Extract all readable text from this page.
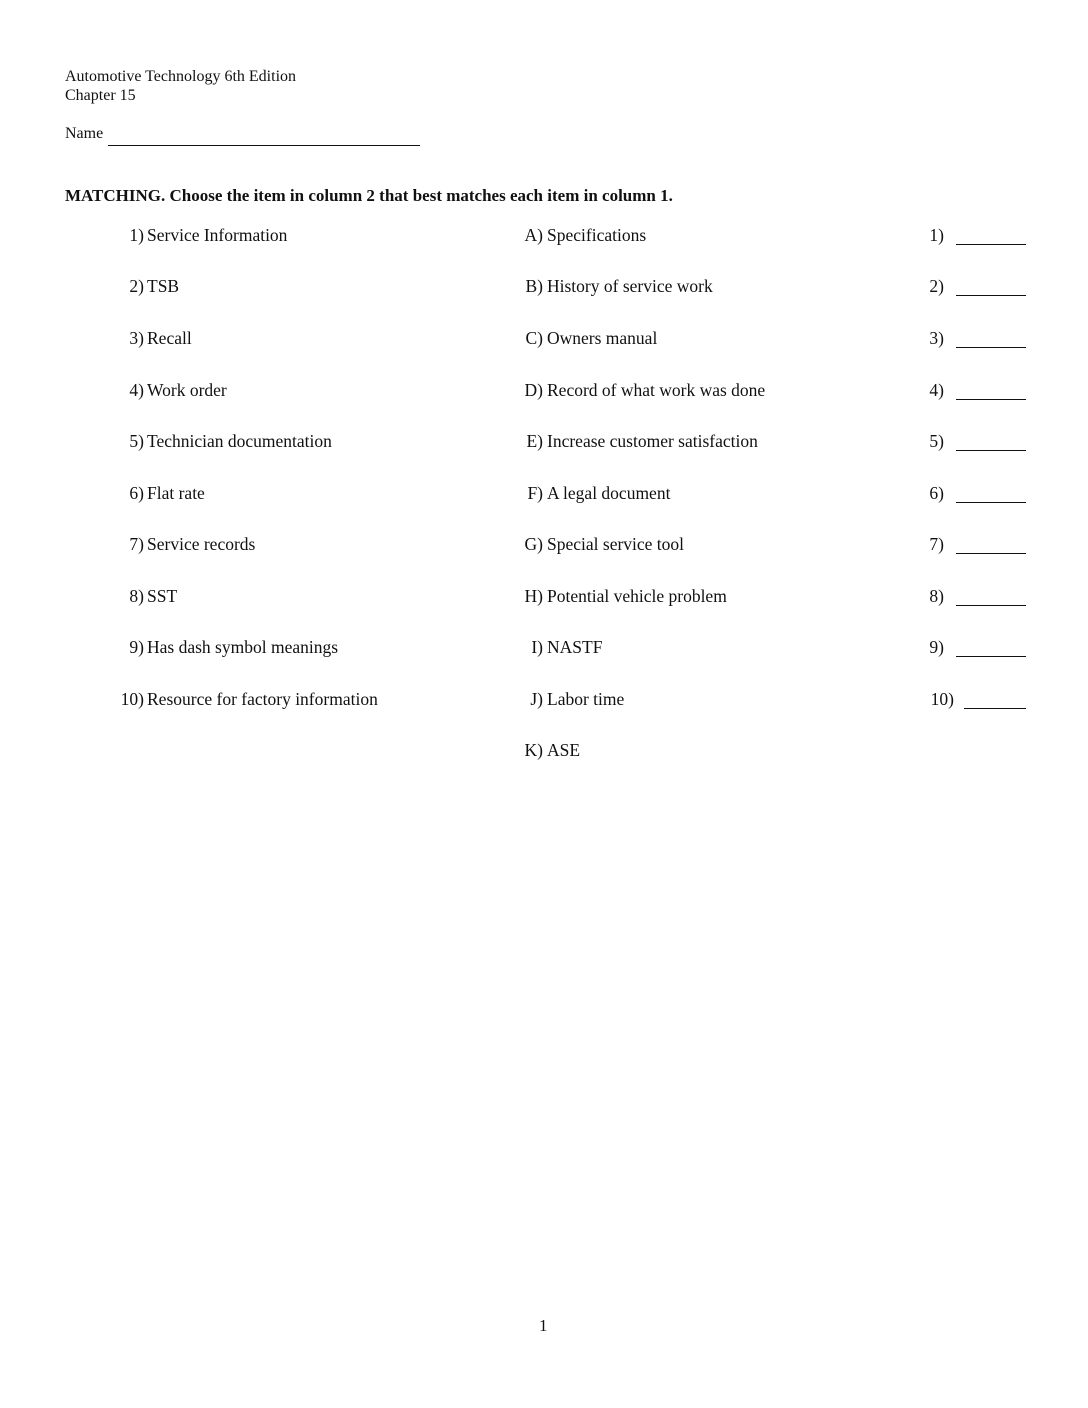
Automotive Technology 6th Edition
Chapter 15
Name
MATCHING. Choose the item in column 2 that best matches each item in column 1.
1) Service Information
2) TSB
3) Recall
4) Work order
5) Technician documentation
6) Flat rate
7) Service records
8) SST
9) Has dash symbol meanings
10) Resource for factory information
A) Specifications
B) History of service work
C) Owners manual
D) Record of what work was done
E) Increase customer satisfaction
F) A legal document
G) Special service tool
H) Potential vehicle problem
I) NASTF
J) Labor time
K) ASE
1)
2)
3)
4)
5)
6)
7)
8)
9)
10)
1
